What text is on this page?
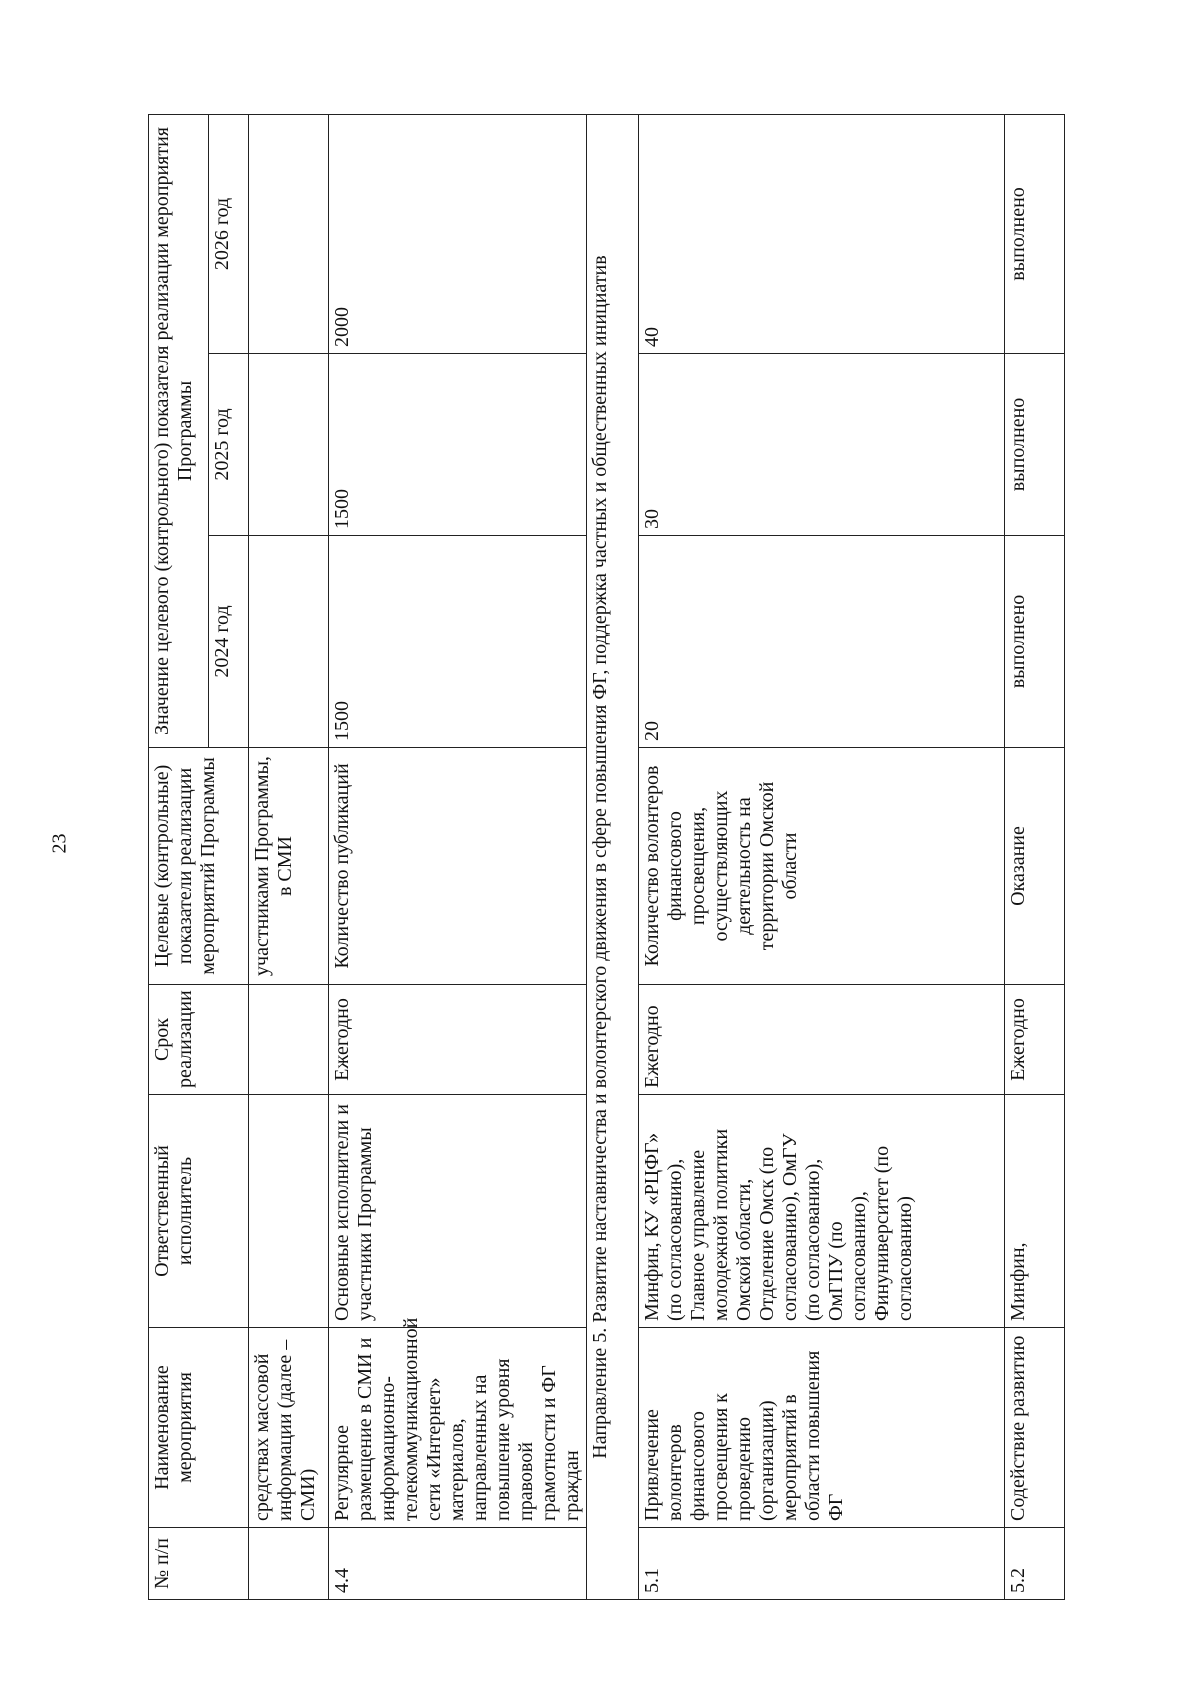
23
№ п/п	Наименование мероприятия	Ответственный исполнитель	Срок реализации	Целевые (контрольные) показатели реализации мероприятий Программы	Значение целевого (контрольного) показателя реализации мероприятия Программы		
					2024 год	2025 год	2026 год
	средствах массовой информации (далее – СМИ)			участниками Программы, в СМИ			
4.4	Регулярное размещение в СМИ и информационно-телекоммуникационной сети «Интернет» материалов, направленных на повышение уровня правовой грамотности и ФГ граждан	Основные исполнители и участники Программы	Ежегодно	Количество публикаций	1500	1500	2000
Направление 5. Развитие наставничества и волонтерского движения в сфере повышения ФГ, поддержка частных и общественных инициатив							
5.1	Привлечение волонтеров финансового просвещения к проведению (организации) мероприятий в области повышения ФГ	Минфин, КУ «РЦФГ» (по согласованию), Главное управление молодежной политики Омской области, Отделение Омск (по согласованию), ОмГУ (по согласованию), ОмГПУ (по согласованию), Финуниверситет (по согласованию)	Ежегодно	Количество волонтеров финансового просвещения, осуществляющих деятельность на территории Омской области	20	30	40
5.2	Содействие развитию	Минфин,	Ежегодно	Оказание	выполнено	выполнено	выполнено
